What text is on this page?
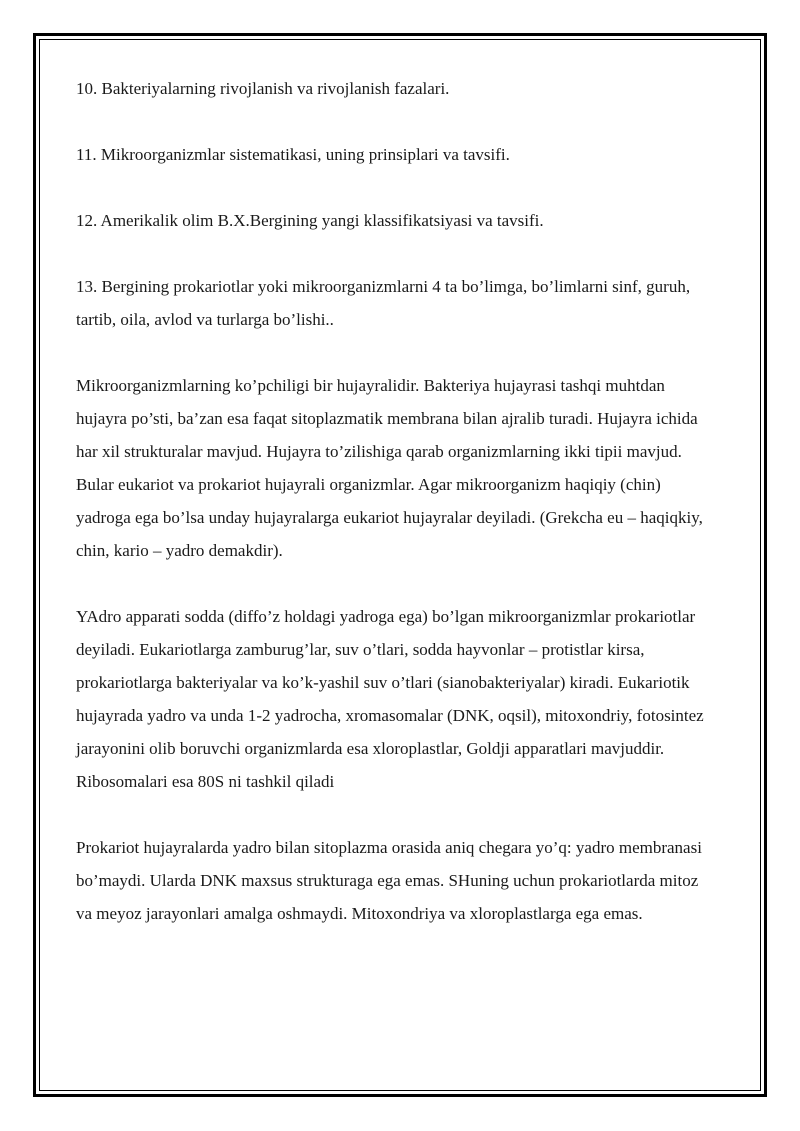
10. Bakteriyalarning rivojlanish va rivojlanish fazalari.

11. Mikroorganizmlar sistematikasi, uning prinsiplari va tavsifi.

12. Amerikalik olim B.X.Bergining yangi klassifikatsiyasi va tavsifi.

13. Bergining prokariotlar yoki mikroorganizmlarni 4 ta bo’limga, bo’limlarni sinf, guruh, tartib, oila, avlod va turlarga bo’lishi..

Mikroorganizmlarning ko’pchiligi bir hujayralidir. Bakteriya hujayrasi tashqi muhtdan hujayra po’sti, ba’zan esa faqat sitoplazmatik membrana bilan ajralib turadi. Hujayra ichida har xil strukturalar mavjud. Hujayra to’zilishiga qarab organizmlarning ikki tipii mavjud. Bular eukariot va prokariot hujayrali organizmlar. Agar mikroorganizm haqiqiy (chin) yadroga ega bo’lsa unday hujayralarga eukariot hujayralar deyiladi. (Grekcha eu – haqiqkiy, chin, kario – yadro demakdir).

YAdro apparati sodda (diffo’z holdagi yadroga ega) bo’lgan mikroorganizmlar prokariotlar deyiladi. Eukariotlarga zamburug’lar, suv o’tlari, sodda hayvonlar – protistlar kirsa, prokariotlarga bakteriyalar va ko’k-yashil suv o’tlari (sianobakteriyalar) kiradi. Eukariotik hujayrada yadro va unda 1-2 yadrocha, xromasomalar (DNK, oqsil), mitoxondriy, fotosintez jarayonini olib boruvchi organizmlarda esa xloroplastlar, Goldji apparatlari mavjuddir. Ribosomalari esa 80S ni tashkil qiladi

Prokariot hujayralarda yadro bilan sitoplazma orasida aniq chegara yo’q: yadro membranasi bo’maydi. Ularda DNK maxsus strukturaga ega emas. SHuning uchun prokariotlarda mitoz va meyoz jarayonlari amalga oshmaydi. Mitoxondriya va xloroplastlarga ega emas.
